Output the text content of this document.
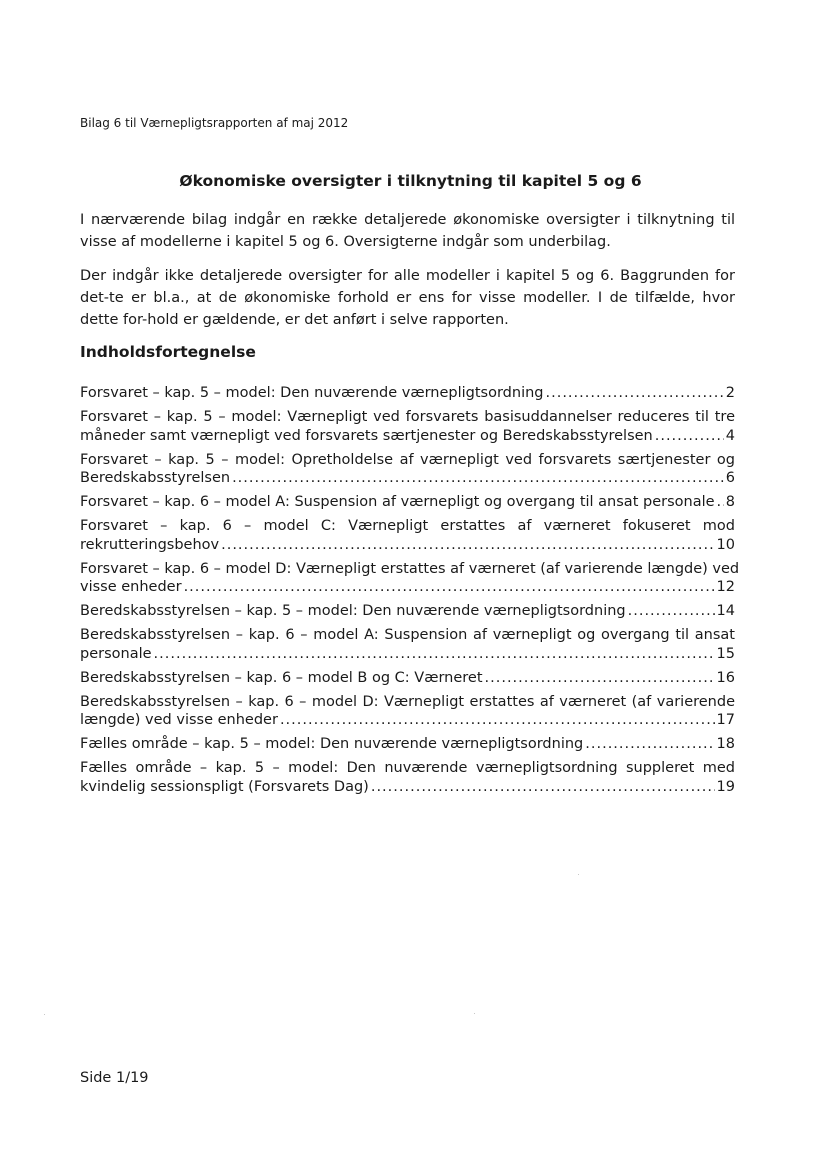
Bilag 6 til Værnepligtsrapporten af maj 2012
Økonomiske oversigter i tilknytning til kapitel 5 og 6
I nærværende bilag indgår en række detaljerede økonomiske oversigter i tilknytning til visse af modellerne i kapitel 5 og 6. Oversigterne indgår som underbilag.
Der indgår ikke detaljerede oversigter for alle modeller i kapitel 5 og 6. Baggrunden for det-te er bl.a., at de økonomiske forhold er ens for visse modeller. I de tilfælde, hvor dette for-hold er gældende, er det anført i selve rapporten.
Indholdsfortegnelse
Forsvaret – kap. 5 – model: Den nuværende værnepligtsordning .....	2
Forsvaret – kap. 5 – model: Værnepligt ved forsvarets basisuddannelser reduceres til tre
måneder samt værnepligt ved forsvarets særtjenester og Beredskabsstyrelsen .....	4
Forsvaret – kap. 5 – model: Opretholdelse af værnepligt ved forsvarets særtjenester og
Beredskabsstyrelsen .....	6
Forsvaret – kap. 6 – model A: Suspension af værnepligt og overgang til ansat personale ..... 8
Forsvaret – kap. 6 – model C: Værnepligt erstattes af værneret fokuseret mod
rekrutteringsbehov .....	10
Forsvaret – kap. 6 – model D: Værnepligt erstattes af værneret (af varierende længde) ved
visse enheder .....	12
Beredskabsstyrelsen – kap. 5 – model: Den nuværende værnepligtsordning .....	14
Beredskabsstyrelsen – kap. 6 – model A: Suspension af værnepligt og overgang til ansat
personale .....	15
Beredskabsstyrelsen – kap. 6 – model B og C: Værneret .....	16
Beredskabsstyrelsen – kap. 6 – model D: Værnepligt erstattes af værneret (af varierende
længde) ved visse enheder .....	17
Fælles område – kap. 5 – model: Den nuværende værnepligtsordning .....	18
Fælles område – kap. 5 – model: Den nuværende værnepligtsordning suppleret med
kvindelig sessionspligt (Forsvarets Dag) .....	19
Side 1/19
